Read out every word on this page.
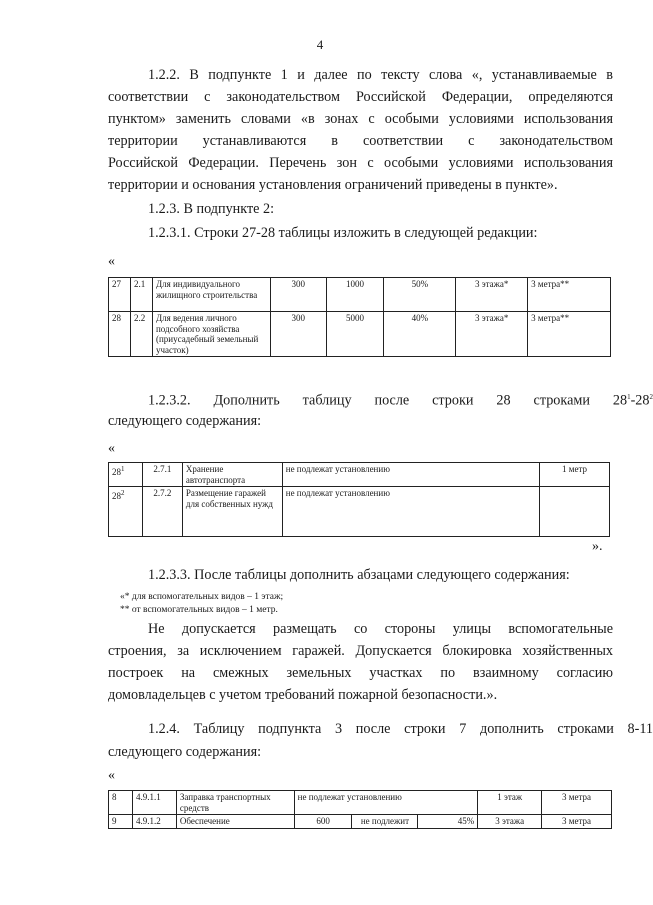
4
1.2.2. В подпункте 1 и далее по тексту слова «, устанавливаемые в
соответствии с законодательством Российской Федерации, определяются
пунктом» заменить словами «в зонах с особыми условиями использования
территории устанавливаются в соответствии с законодательством
Российской Федерации. Перечень зон с особыми условиями использования
территории и основания установления ограничений приведены в пункте».
1.2.3. В подпункте 2:
1.2.3.1. Строки 27-28 таблицы изложить в следующей редакции:
«
27	2.1	Для индивидуального жилищного строительства	300	1000	50%	3 этажа*	3 метра**
28	2.2	Для ведения личного подсобного хозяйства (приусадебный земельный участок)	300	5000	40%	3 этажа*	3 метра**
1.2.3.2. Дополнить таблицу после строки 28 строками $28^1-28^2$
следующего содержания:
«
$28^1$	2.7.1	Хранение автотранспорта	не подлежат установлению	1 метр
$28^2$	2.7.2	Размещение гаражей для собственных нужд	не подлежат установлению	
».
1.2.3.3. После таблицы дополнить абзацами следующего содержания:
«* для вспомогательных видов – 1 этаж;
** от вспомогательных видов – 1 метр.
Не допускается размещать со стороны улицы вспомогательные
строения, за исключением гаражей. Допускается блокировка хозяйственных
построек на смежных земельных участках по взаимному согласию
домовладельцев с учетом требований пожарной безопасности.».
1.2.4. Таблицу подпункта 3 после строки 7 дополнить строками 8-11
следующего содержания:
«
8	4.9.1.1	Заправка транспортных средств	не подлежат установлению			1 этаж	3 метра
9	4.9.1.2	Обеспечение	600	не подлежит	45%	3 этажа	3 метра
